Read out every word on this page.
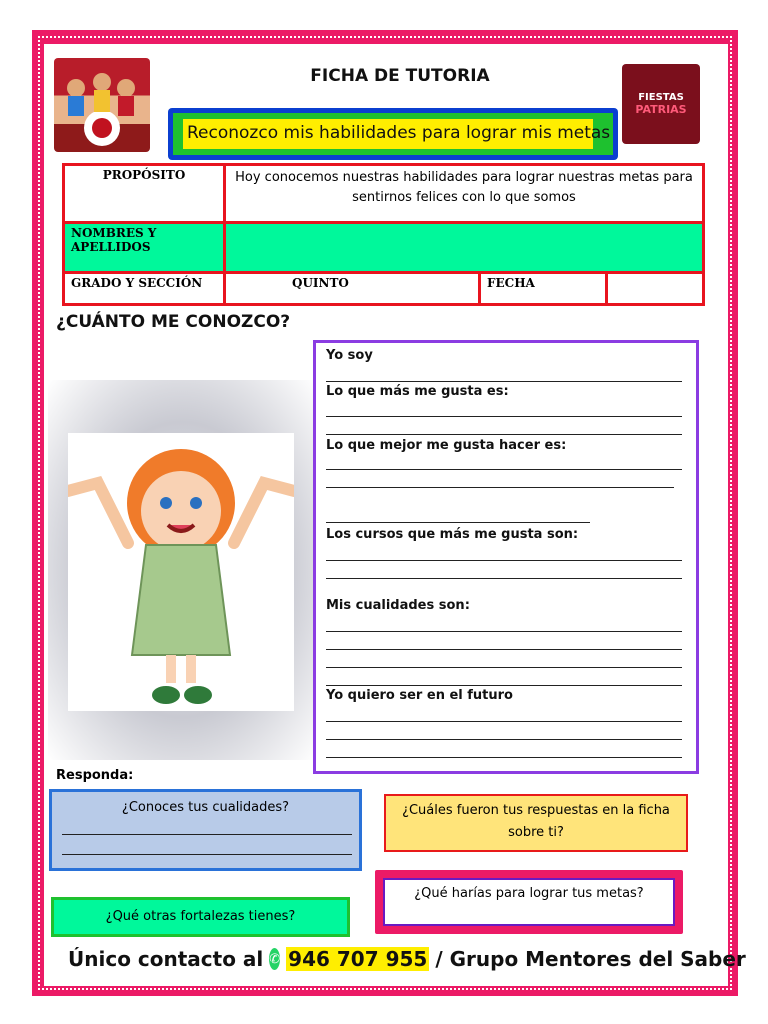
FICHA DE TUTORIA
FIESTAS
PATRIAS
Reconozco mis habilidades para lograr mis metas
PROPÓSITO	Hoy conocemos nuestras habilidades para lograr nuestras metas para sentirnos felices con lo que somos		
NOMBRES Y APELLIDOS			
GRADO Y SECCIÓN	QUINTO	FECHA	
¿CUÁNTO ME CONOZCO?
Yo soy
Lo que más me gusta es:
Lo que mejor me gusta hacer es:
Los cursos que más me gusta son:
Mis cualidades son:
Yo quiero ser en el futuro
Responda:
¿Conoces tus cualidades?	¿Cuáles fueron tus respuestas en la ficha sobre ti?
¿Qué harías para lograr tus metas?
¿Qué otras fortalezas tienes?
Único contacto al ✆ 946 707 955 / Grupo Mentores del Saber
